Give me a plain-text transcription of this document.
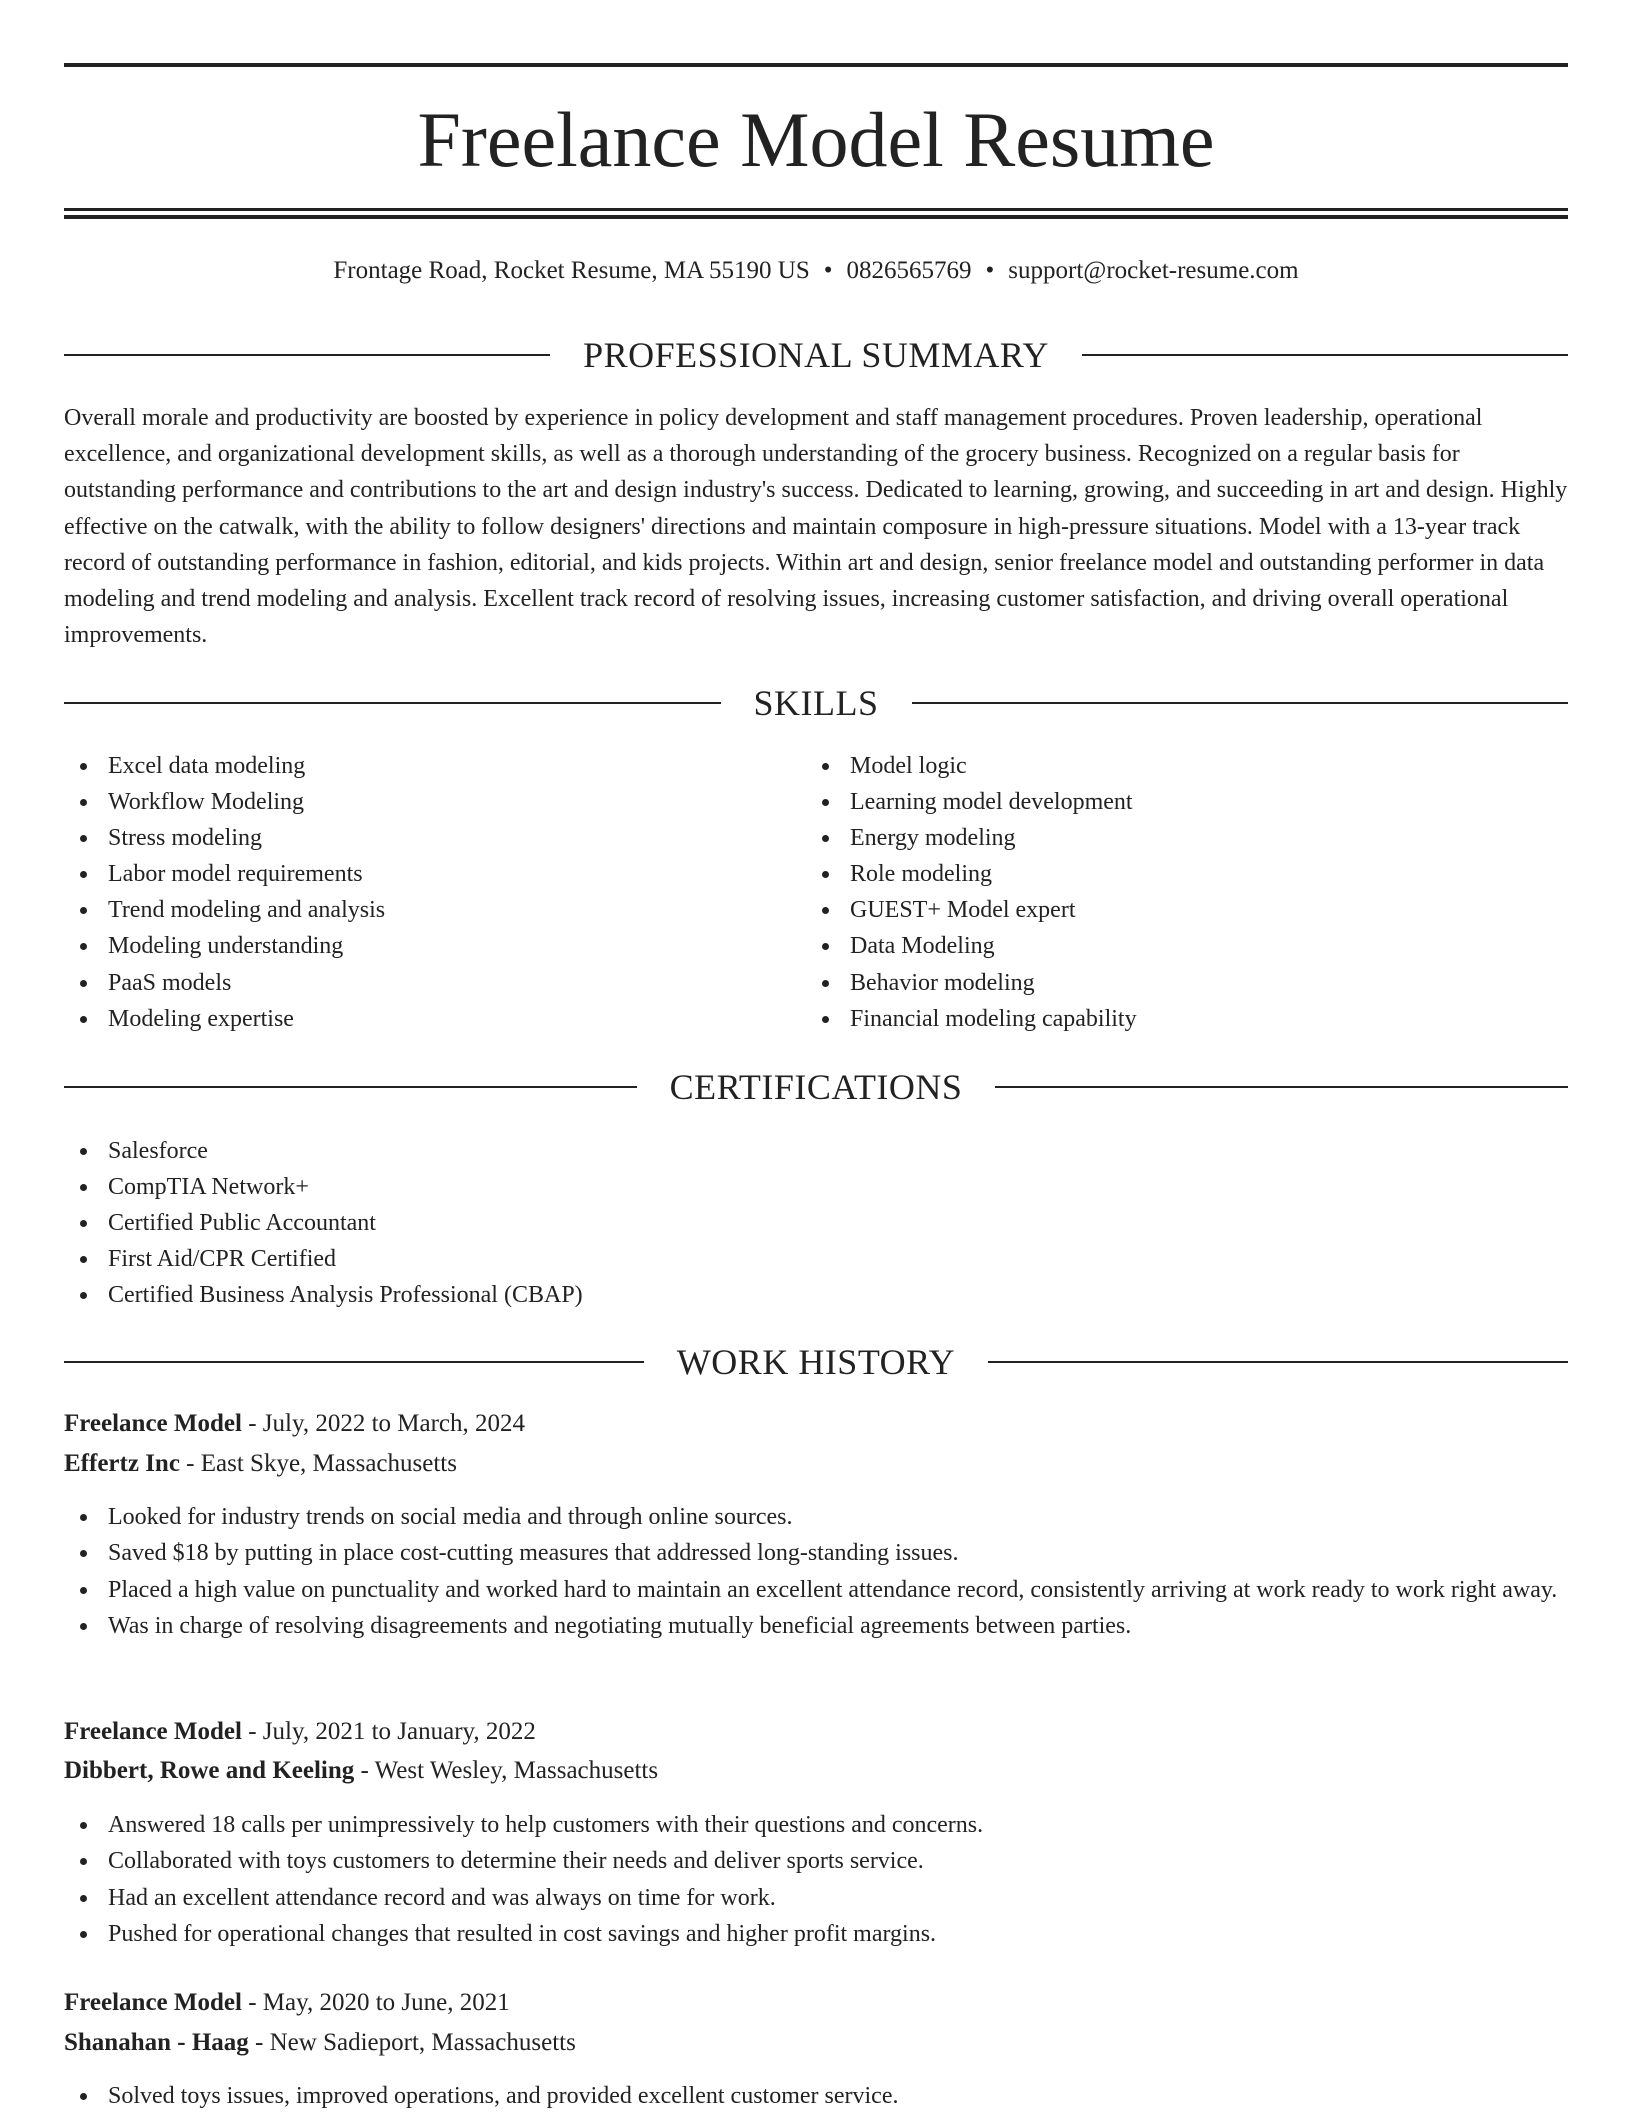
Freelance Model Resume
Frontage Road, Rocket Resume, MA 55190 US • 0826565769 • support@rocket-resume.com
PROFESSIONAL SUMMARY

Overall morale and productivity are boosted by experience in policy development and staff management procedures. Proven leadership, operational excellence, and organizational development skills, as well as a thorough understanding of the grocery business. Recognized on a regular basis for outstanding performance and contributions to the art and design industry's success. Dedicated to learning, growing, and succeeding in art and design. Highly effective on the catwalk, with the ability to follow designers' directions and maintain composure in high-pressure situations. Model with a 13-year track record of outstanding performance in fashion, editorial, and kids projects. Within art and design, senior freelance model and outstanding performer in data modeling and trend modeling and analysis. Excellent track record of resolving issues, increasing customer satisfaction, and driving overall operational improvements.

SKILLS
Excel data modeling
Workflow Modeling
Stress modeling
Labor model requirements
Trend modeling and analysis
Modeling understanding
PaaS models
Modeling expertise
Model logic
Learning model development
Energy modeling
Role modeling
GUEST+ Model expert
Data Modeling
Behavior modeling
Financial modeling capability
CERTIFICATIONS
Salesforce
CompTIA Network+
Certified Public Accountant
First Aid/CPR Certified
Certified Business Analysis Professional (CBAP)
WORK HISTORY

Freelance Model - July, 2022 to March, 2024

Effertz Inc - East Skye, Massachusetts

Looked for industry trends on social media and through online sources.
Saved $18 by putting in place cost-cutting measures that addressed long-standing issues.
Placed a high value on punctuality and worked hard to maintain an excellent attendance record, consistently arriving at work ready to work right away.
Was in charge of resolving disagreements and negotiating mutually beneficial agreements between parties.

Freelance Model - July, 2021 to January, 2022

Dibbert, Rowe and Keeling - West Wesley, Massachusetts

Answered 18 calls per unimpressively to help customers with their questions and concerns.
Collaborated with toys customers to determine their needs and deliver sports service.
Had an excellent attendance record and was always on time for work.
Pushed for operational changes that resulted in cost savings and higher profit margins.

Freelance Model - May, 2020 to June, 2021

Shanahan - Haag - New Sadieport, Massachusetts

Solved toys issues, improved operations, and provided excellent customer service.
